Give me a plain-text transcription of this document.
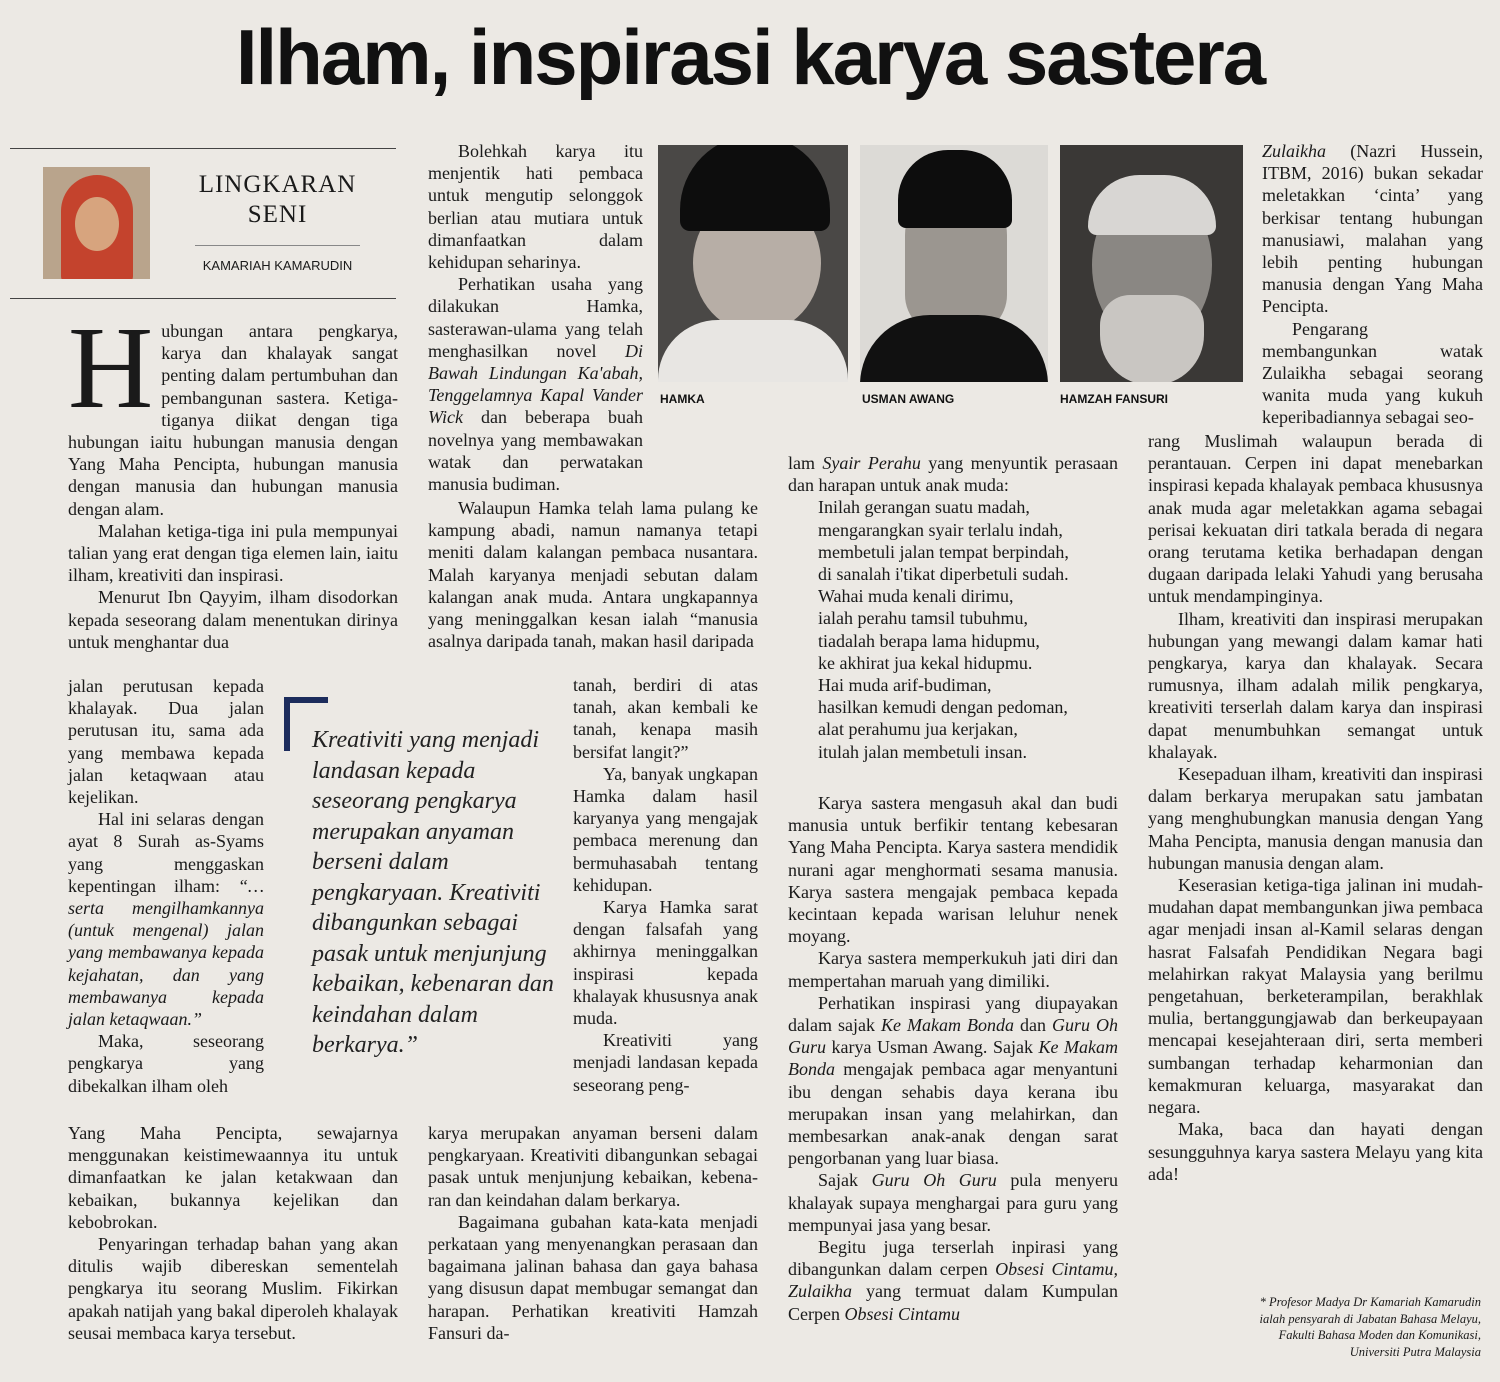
Ilham, inspirasi karya sastera
LINGKARAN
SENI
KAMARIAH KAMARUDIN
HAMKA	USMAN AWANG	HAMZAH FANSURI

Hubungan antara pengkarya, karya dan khalayak sangat penting dalam pertumbuhan dan pembangunan sastera. Ketiga-tiganya diikat dengan tiga hubungan iaitu hubungan manusia dengan Yang Maha Pencipta, hubungan manusia dengan manusia dan hubungan manusia dengan alam.

Malahan ketiga-tiga ini pula mempunyai talian yang erat dengan tiga elemen lain, iaitu ilham, kreativiti dan inspirasi.

Menurut Ibn Qayyim, ilham disodorkan kepada seseorang dalam menentukan dirinya untuk menghantar dua

jalan perutusan kepada khalayak. Dua jalan perutusan itu, sama ada yang membawa kepada jalan ketaqwaan atau kejelikan.

Hal ini selaras dengan ayat 8 Surah as-Syams yang menggaskan kepentingan ilham: “…serta mengilhamkannya (untuk mengenal) jalan yang membawanya kepada kejahatan, dan yang membawanya kepada jalan ketaqwaan.”

Maka, seseorang pengkarya yang dibekalkan ilham oleh

Yang Maha Pencipta, sewajarnya menggunakan keistimewaannya itu untuk dimanfaatkan ke jalan ketakwaan dan kebaikan, bukannya kejelikan dan kebobrokan.

Penyaringan terhadap bahan yang akan ditulis wajib dibereskan sementelah pengkarya itu seorang Muslim. Fikirkan apakah natijah yang bakal diperoleh khalayak seusai membaca karya tersebut.

Kreativiti yang menjadi landasan kepada seseorang pengkarya merupakan anyaman berseni dalam pengkaryaan. Kreativiti dibangunkan sebagai pasak untuk menjunjung kebaikan, kebenaran dan keindahan dalam berkarya.”

Bolehkah karya itu menjentik hati pembaca untuk mengutip selonggok berlian atau mutiara untuk dimanfaatkan dalam kehidupan seharinya.

Perhatikan usaha yang dilakukan Hamka, sasterawan-ulama yang telah menghasilkan novel Di Bawah Lindungan Ka'abah, Tenggelamnya Kapal Vander Wick dan beberapa buah novelnya yang membawakan watak dan perwatakan manusia budiman.

Walaupun Hamka telah lama pulang ke kampung abadi, namun namanya tetapi meniti dalam kalangan pembaca nusantara. Malah karyanya menjadi sebutan dalam kalangan anak muda. Antara ungkapannya yang meninggalkan kesan ialah “manusia asalnya daripada tanah, makan hasil daripada

tanah, berdiri di atas tanah, akan kembali ke tanah, kenapa masih bersifat langit?”

Ya, banyak ungkapan Hamka dalam hasil karyanya yang mengajak pembaca merenung dan bermuhasabah tentang kehidupan.

Karya Hamka sarat dengan falsafah yang akhirnya meninggalkan inspirasi kepada khalayak khususnya anak muda.

Kreativiti yang menjadi landasan kepada seseorang peng-

karya merupakan anyaman berseni dalam pengkaryaan. Kreativiti dibangunkan sebagai pasak untuk menjunjung kebaikan, kebena-ran dan keindahan dalam berkarya.

Bagaimana gubahan kata-kata menjadi perkataan yang menyenangkan perasaan dan bagaimana jalinan bahasa dan gaya bahasa yang disusun dapat membugar semangat dan harapan. Perhatikan kreativiti Hamzah Fansuri da-

lam Syair Perahu yang menyuntik perasaan dan harapan untuk anak muda:

Inilah gerangan suatu madah,
mengarangkan syair terlalu indah,
membetuli jalan tempat berpindah,
di sanalah i'tikat diperbetuli sudah.
Wahai muda kenali dirimu,
ialah perahu tamsil tubuhmu,
tiadalah berapa lama hidupmu,
ke akhirat jua kekal hidupmu.
Hai muda arif-budiman,
hasilkan kemudi dengan pedoman,
alat perahumu jua kerjakan,
itulah jalan membetuli insan.

Karya sastera mengasuh akal dan budi manusia untuk berfikir tentang kebesaran Yang Maha Pencipta. Karya sastera mendidik nurani agar menghormati sesama manusia. Karya sastera mengajak pembaca kepada kecintaan kepada warisan leluhur nenek moyang.

Karya sastera memperkukuh jati diri dan mempertahan maruah yang dimiliki.

Perhatikan inspirasi yang diupayakan dalam sajak Ke Makam Bonda dan Guru Oh Guru karya Usman Awang. Sajak Ke Makam Bonda mengajak pembaca agar menyantuni ibu dengan sehabis daya kerana ibu merupakan insan yang melahirkan, dan membesarkan anak-anak dengan sarat pengorbanan yang luar biasa.

Sajak Guru Oh Guru pula menyeru khalayak supaya menghargai para guru yang mempunyai jasa yang besar.

Begitu juga terserlah inpirasi yang dibangunkan dalam cerpen Obsesi Cintamu, Zulaikha yang termuat dalam Kumpulan Cerpen Obsesi Cintamu

Zulaikha (Nazri Hussein, ITBM, 2016) bukan sekadar meletakkan ‘cinta’ yang berkisar tentang hubungan manusiawi, malahan yang lebih penting hubungan manusia dengan Yang Maha Pencipta.

Pengarang membangunkan watak Zulaikha sebagai seorang wanita muda yang kukuh keperibadiannya sebagai seo-

rang Muslimah walaupun berada di perantauan. Cerpen ini dapat menebarkan inspirasi kepada khalayak pembaca khususnya anak muda agar meletakkan agama sebagai perisai kekuatan diri tatkala berada di negara orang terutama ketika berhadapan dengan dugaan daripada lelaki Yahudi yang berusaha untuk mendampinginya.

Ilham, kreativiti dan inspirasi merupakan hubungan yang mewangi dalam kamar hati pengkarya, karya dan khalayak. Secara rumusnya, ilham adalah milik pengkarya, kreativiti terserlah dalam karya dan inspirasi dapat menumbuhkan semangat untuk khalayak.

Kesepaduan ilham, kreativiti dan inspirasi dalam berkarya merupakan satu jambatan yang menghubungkan manusia dengan Yang Maha Pencipta, manusia dengan manusia dan hubungan manusia dengan alam.

Keserasian ketiga-tiga jalinan ini mudah-mudahan dapat membangunkan jiwa pembaca agar menjadi insan al-Kamil selaras dengan hasrat Falsafah Pendidikan Negara bagi melahirkan rakyat Malaysia yang berilmu pengetahuan, berketerampilan, berakhlak mulia, bertanggungjawab dan berkeupayaan mencapai kesejahteraan diri, serta memberi sumbangan terhadap keharmonian dan kemakmuran keluarga, masyarakat dan negara.

Maka, baca dan hayati dengan sesungguhnya karya sastera Melayu yang kita ada!

* Profesor Madya Dr Kamariah Kamarudin
ialah pensyarah di Jabatan Bahasa Melayu,
Fakulti Bahasa Moden dan Komunikasi,
Universiti Putra Malaysia
